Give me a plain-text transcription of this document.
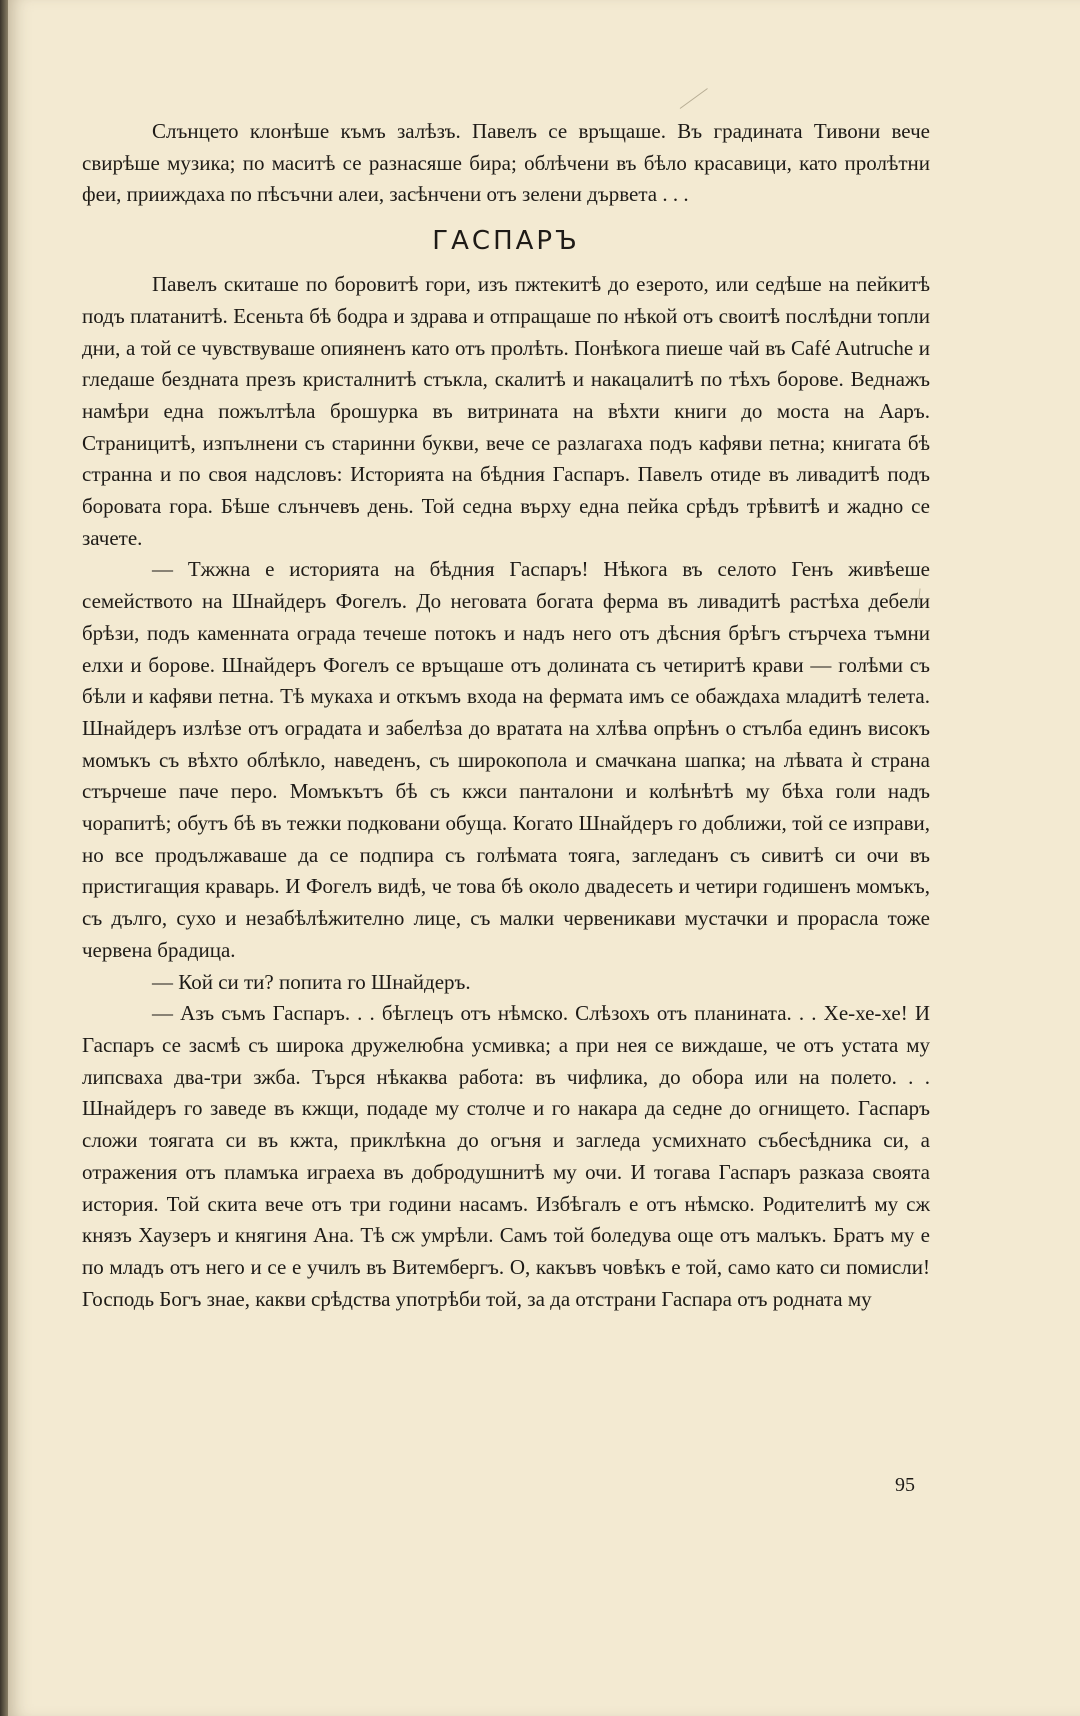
Слънцето клонѣше къмъ залѣзъ. Павелъ се връщаше. Въ градината Тивони вече свирѣше музика; по маситѣ се разнасяше бира; облѣчени въ бѣло красавици, като пролѣтни феи, приижд͏аха по пѣсъчни алеи, засѣнчени отъ зелени дървета . . .

ГАСПАРЪ

Павелъ скиташе по боровитѣ гори, изъ пжтекитѣ до езерото, или седѣше на пейкитѣ подъ платанитѣ. Есеньта бѣ бодра и здрава и отпращаше по нѣкой отъ своитѣ послѣдни топли дни, а той се чувствуваше опияненъ като отъ пролѣть. Понѣкога пиеше чай въ Café Autruche и гледаше бездната презъ кристалнитѣ стъкла, скалитѣ и накацалитѣ по тѣхъ борове. Веднажъ намѣри една пожълтѣла брошурка въ витрината на вѣхти книги до моста на Aаръ. Страницитѣ, изпълнени съ старинни букви, вече се разлагаха подъ кафяви петна; книгата бѣ странна и по своя надсловъ: Историята на бѣдния Гаспаръ. Павелъ отиде въ ливадитѣ подъ боровата гора. Бѣше слънчевъ день. Той седна върху една пейка срѣдъ трѣвитѣ и жадно се зачете.

— Тжжна е историята на бѣдния Гаспаръ! Нѣкога въ селото Генъ живѣеше семейството на Шнайдеръ Фогелъ. До неговата богата ферма въ ливадитѣ растѣха дебели брѣзи, подъ каменната ограда течеше потокъ и надъ него отъ дѣсния брѣгъ стърчеха тъмни елхи и борове. Шнайдеръ Фогелъ се връщаше отъ долината съ четиритѣ крави — голѣми съ бѣли и кафяви петна. Тѣ мукаха и откъмъ входа на фермата имъ се обаждаха младитѣ телета. Шнайдеръ излѣзе отъ оградата и забелѣза до вратата на хлѣва опрѣнъ о стълба единъ високъ момъкъ съ вѣхто облѣкло, наведенъ, съ широкопола и смачкана шапка; на лѣвата ѝ страна стърчеше паче перо. Момъкътъ бѣ съ кжси панталони и колѣнѣтѣ му бѣха голи надъ чорапитѣ; обутъ бѣ въ тежки подковани обуща. Когато Шнайдеръ го доближи, той се изправи, но все продължаваше да се подпира съ голѣмата тояга, загледанъ съ сивитѣ си очи въ пристигащия краварь. И Фогелъ видѣ, че това бѣ около двадесеть и четири годишенъ момъкъ, съ дълго, сухо и незабѣлѣжително лице, съ малки червеникави мустачки и прорасла тоже червена брадица.

— Кой си ти? попита го Шнайдеръ.

— Азъ съмъ Гаспаръ. . . бѣглецъ отъ нѣмско. Слѣзохъ отъ планината. . . Хе-хе-хе! И Гаспаръ се засмѣ съ широка дружелюбна усмивка; а при нея се виждаше, че отъ устата му липсваха два-три зжба. Търся нѣкаква работа: въ чифлика, до обора или на полето. . . Шнайдеръ го заведе въ кжщи, подаде му столче и го накара да седне до огнището. Гаспаръ сложи тоягата си въ кжта, приклѣкна до огъня и загледа усмихнато събесѣдника си, а отражения отъ пламъка играеха въ добродушнитѣ му очи. И тогава Гаспаръ разказа своята история. Той скита вече отъ три години насамъ. Избѣгалъ е отъ нѣмско. Родителитѣ му сж князъ Хаузеръ и княгиня Ана. Тѣ сж умрѣли. Самъ той боледува още отъ малъкъ. Братъ му е по младъ отъ него и се е училъ въ Витембергъ. О, какъвъ човѣкъ е той, само като си помисли! Господь Богъ знае, какви срѣдства употрѣби той, за да отстрани Гаспара отъ родната му

95
